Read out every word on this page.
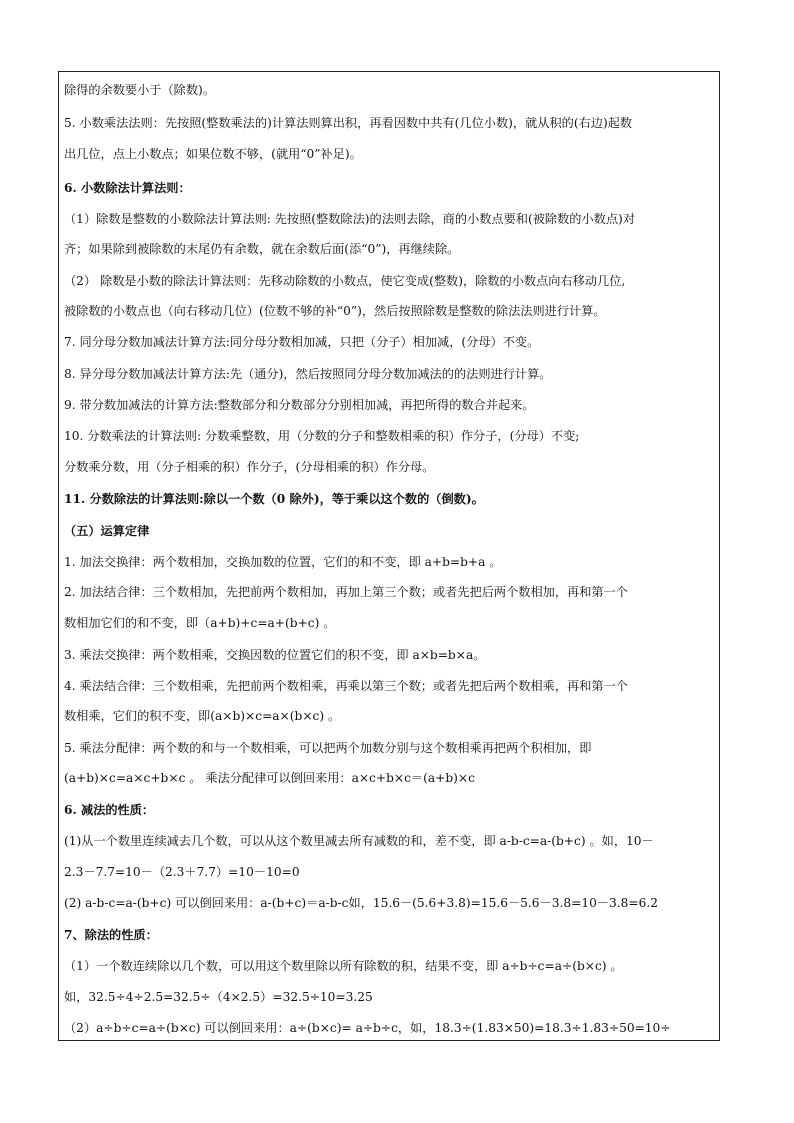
除得的余数要小于（除数)。
5. 小数乘法法则：先按照(整数乘法的)计算法则算出积，再看因数中共有(几位小数)，就从积的(右边)起数
出几位，点上小数点；如果位数不够，(就用“0”补足)。
6. 小数除法计算法则：
（1）除数是整数的小数除法计算法则: 先按照(整数除法)的法则去除，商的小数点要和(被除数的小数点)对
齐；如果除到被除数的末尾仍有余数，就在余数后面(添“0”)，再继续除。
（2） 除数是小数的除法计算法则：先移动除数的小数点，使它变成(整数)，除数的小数点向右移动几位,
被除数的小数点也（向右移动几位）(位数不够的补“0”)，然后按照除数是整数的除法法则进行计算。
7. 同分母分数加减法计算方法:同分母分数相加减，只把（分子）相加减，(分母）不变。
8. 异分母分数加减法计算方法:先（通分)，然后按照同分母分数加减法的的法则进行计算。
9. 带分数加减法的计算方法:整数部分和分数部分分别相加减，再把所得的数合并起来。
10. 分数乘法的计算法则: 分数乘整数，用（分数的分子和整数相乘的积）作分子，(分母）不变;
分数乘分数，用（分子相乘的积）作分子，(分母相乘的积）作分母。
11. 分数除法的计算法则:除以一个数（0 除外)，等于乘以这个数的（倒数)。
（五）运算定律
1. 加法交换律：两个数相加，交换加数的位置，它们的和不变，即 a+b=b+a 。
2. 加法结合律：三个数相加，先把前两个数相加，再加上第三个数；或者先把后两个数相加，再和第一个
数相加它们的和不变，即（a+b)+c=a+(b+c) 。
3. 乘法交换律：两个数相乘，交换因数的位置它们的积不变，即 a×b=b×a。
4. 乘法结合律：三个数相乘，先把前两个数相乘，再乘以第三个数；或者先把后两个数相乘，再和第一个
数相乘，它们的积不变，即(a×b)×c=a×(b×c) 。
5. 乘法分配律：两个数的和与一个数相乘，可以把两个加数分别与这个数相乘再把两个积相加，即
(a+b)×c=a×c+b×c 。 乘法分配律可以倒回来用：a×c+b×c＝(a+b)×c
6. 减法的性质：
(1)从一个数里连续减去几个数，可以从这个数里减去所有减数的和，差不变，即 a-b-c=a-(b+c) 。如，10－
2.3－7.7=10－（2.3＋7.7）=10－10=0
(2) a-b-c=a-(b+c) 可以倒回来用：a-(b+c)＝a-b-c如，15.6－(5.6+3.8)=15.6－5.6－3.8=10－3.8=6.2
7、除法的性质：
（1）一个数连续除以几个数，可以用这个数里除以所有除数的积，结果不变，即 a÷b÷c=a÷(b×c) 。
如，32.5÷4÷2.5=32.5÷（4×2.5）=32.5÷10=3.25
（2）a÷b÷c=a÷(b×c) 可以倒回来用：a÷(b×c)= a÷b÷c，如，18.3÷(1.83×50)=18.3÷1.83÷50=10÷
